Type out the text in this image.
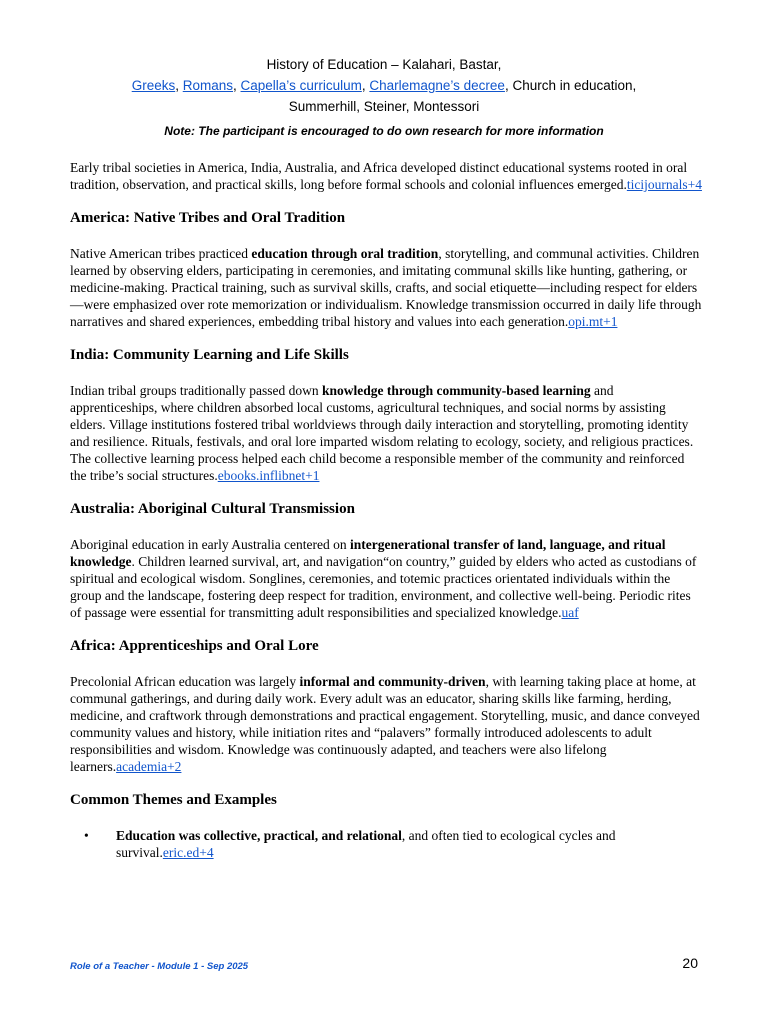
History of Education – Kalahari, Bastar,
Greeks, Romans, Capella’s curriculum, Charlemagne’s decree, Church in education,
Summerhill, Steiner, Montessori
Note: The participant is encouraged to do own research for more information

Early tribal societies in America, India, Australia, and Africa developed distinct educational systems rooted in oral tradition, observation, and practical skills, long before formal schools and colonial influences emerged.ticijournals+4

America: Native Tribes and Oral Tradition

Native American tribes practiced education through oral tradition, storytelling, and communal activities. Children learned by observing elders, participating in ceremonies, and imitating communal skills like hunting, gathering, or medicine-making. Practical training, such as survival skills, crafts, and social etiquette—including respect for elders—were emphasized over rote memorization or individualism. Knowledge transmission occurred in daily life through narratives and shared experiences, embedding tribal history and values into each generation.opi.mt+1

India: Community Learning and Life Skills

Indian tribal groups traditionally passed down knowledge through community-based learning and apprenticeships, where children absorbed local customs, agricultural techniques, and social norms by assisting elders. Village institutions fostered tribal worldviews through daily interaction and storytelling, promoting identity and resilience. Rituals, festivals, and oral lore imparted wisdom relating to ecology, society, and religious practices. The collective learning process helped each child become a responsible member of the community and reinforced the tribe’s social structures.ebooks.inflibnet+1

Australia: Aboriginal Cultural Transmission

Aboriginal education in early Australia centered on intergenerational transfer of land, language, and ritual knowledge. Children learned survival, art, and navigation“on country,” guided by elders who acted as custodians of spiritual and ecological wisdom. Songlines, ceremonies, and totemic practices orientated individuals within the group and the landscape, fostering deep respect for tradition, environment, and collective well-being. Periodic rites of passage were essential for transmitting adult responsibilities and specialized knowledge.uaf

Africa: Apprenticeships and Oral Lore

Precolonial African education was largely informal and community-driven, with learning taking place at home, at communal gatherings, and during daily work. Every adult was an educator, sharing skills like farming, herding, medicine, and craftwork through demonstrations and practical engagement. Storytelling, music, and dance conveyed community values and history, while initiation rites and “palavers” formally introduced adolescents to adult responsibilities and wisdom. Knowledge was continuously adapted, and teachers were also lifelong learners.academia+2

Common Themes and Examples
• Education was collective, practical, and relational, and often tied to ecological cycles and survival.eric.ed+4
Role of a Teacher - Module 1 - Sep 2025	20
